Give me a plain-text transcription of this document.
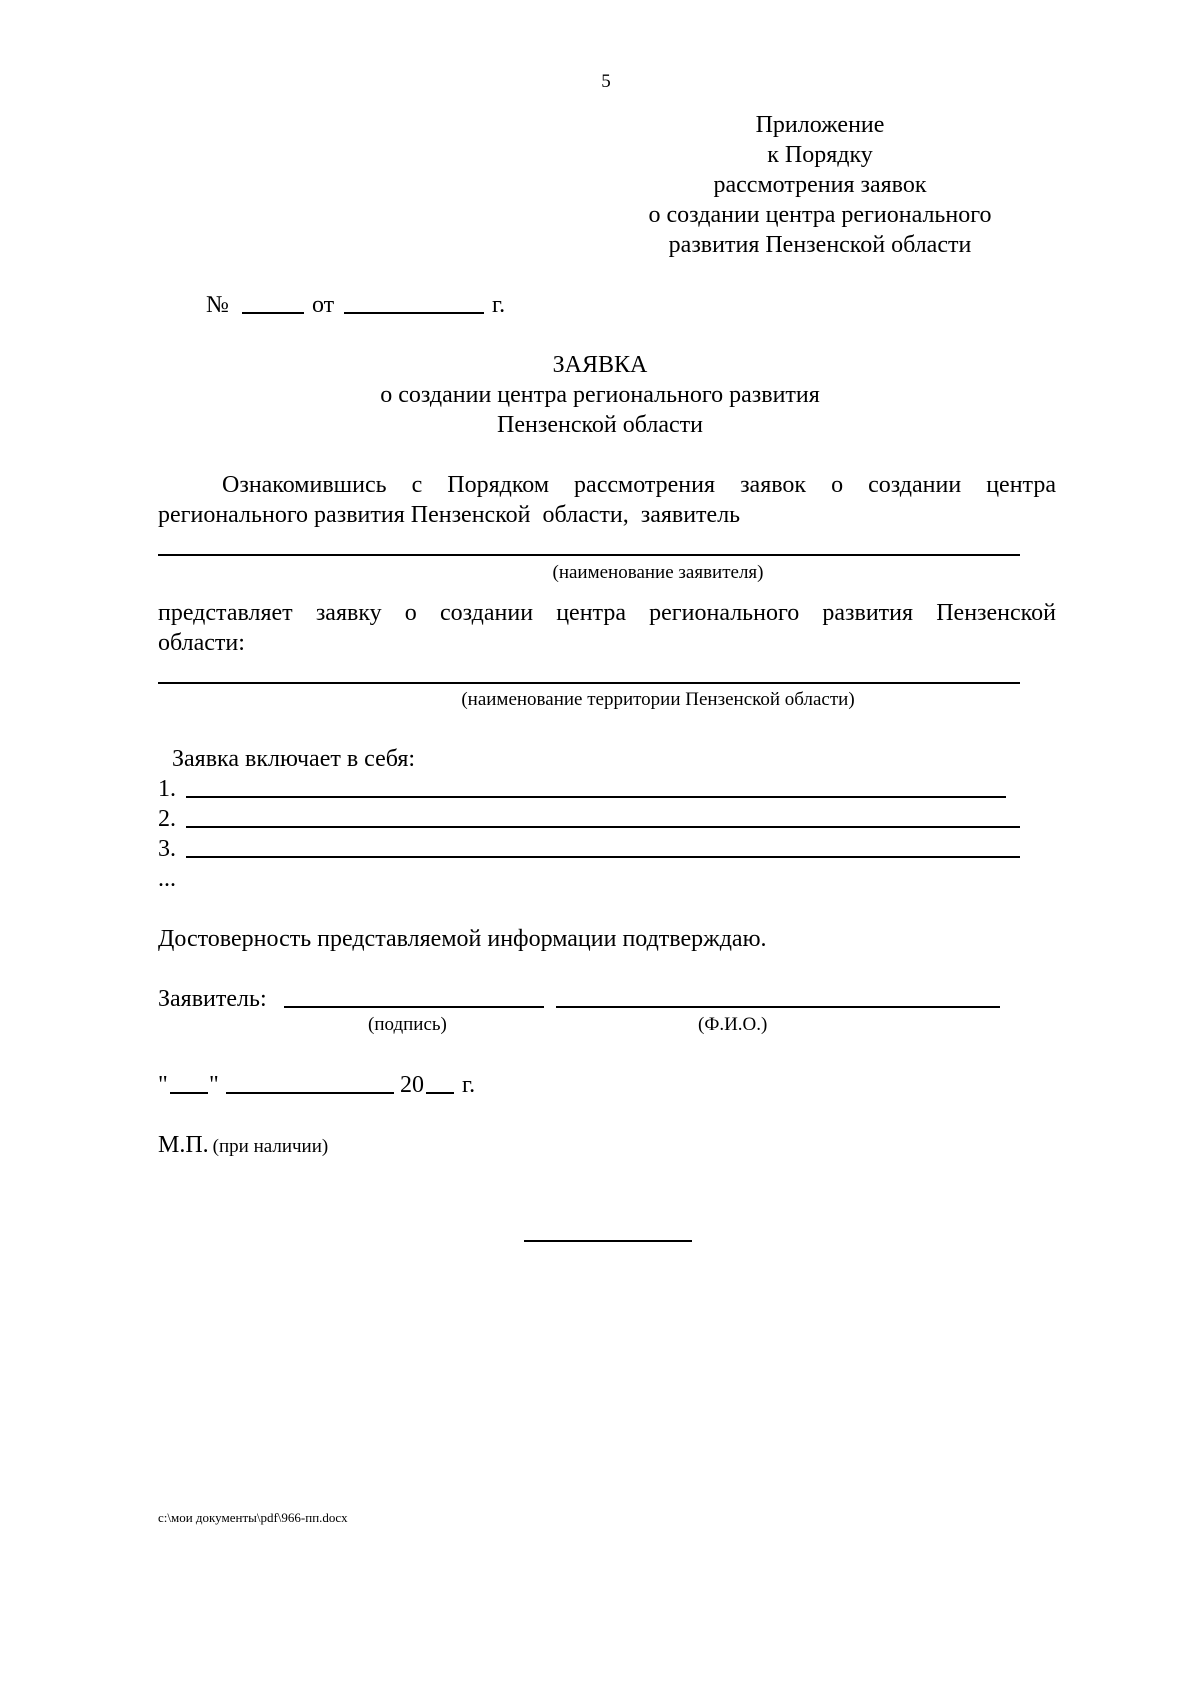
5
Приложение
к Порядку
рассмотрения заявок
о создании центра регионального
развития Пензенской области
№	от	г.
ЗАЯВКА
о создании центра регионального развития
Пензенской области
Ознакомившись с Порядком рассмотрения заявок о создании центра
регионального развития Пензенской  области,  заявитель
(наименование заявителя)
представляет заявку о создании центра регионального развития Пензенской
области:
(наименование территории Пензенской области)
Заявка включает в себя:
1.
2.
3.
...
Достоверность представляемой информации подтверждаю.
Заявитель:
(подпись)	(Ф.И.О.)
" "	20 г.
М.П. (при наличии)
c:\мои документы\pdf\966-пп.docx
